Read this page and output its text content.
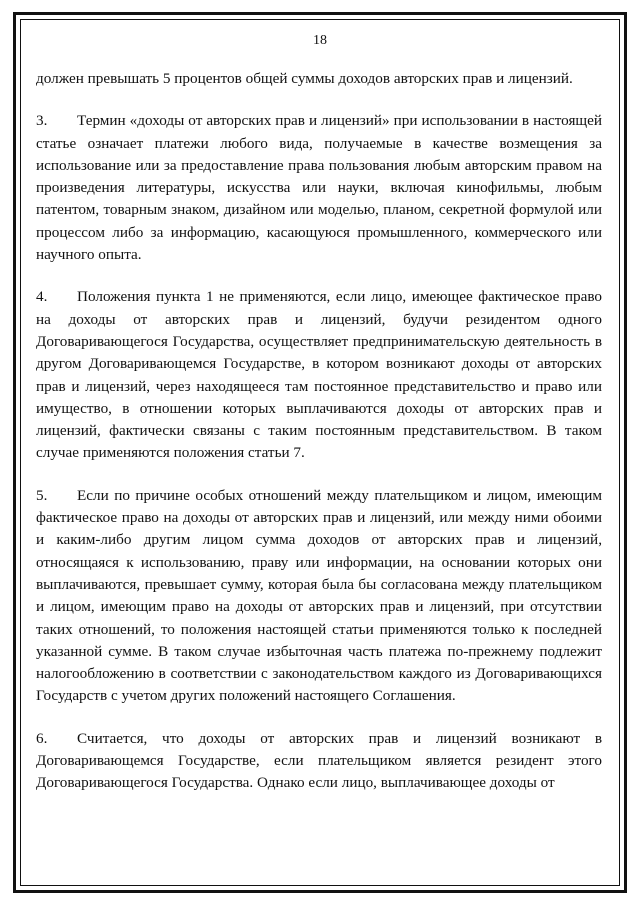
18

должен превышать 5 процентов общей суммы доходов авторских прав и лицензий.

3. Термин «доходы от авторских прав и лицензий» при использовании в настоящей статье означает платежи любого вида, получаемые в качестве возмещения за использование или за предоставление права пользования любым авторским правом на произведения литературы, искусства или науки, включая кинофильмы, любым патентом, товарным знаком, дизайном или моделью, планом, секретной формулой или процессом либо за информацию, касающуюся промышленного, коммерческого или научного опыта.

4. Положения пункта 1 не применяются, если лицо, имеющее фактическое право на доходы от авторских прав и лицензий, будучи резидентом одного Договаривающегося Государства, осуществляет предпринимательскую деятельность в другом Договаривающемся Государстве, в котором возникают доходы от авторских прав и лицензий, через находящееся там постоянное представительство и право или имущество, в отношении которых выплачиваются доходы от авторских прав и лицензий, фактически связаны с таким постоянным представительством. В таком случае применяются положения статьи 7.

5. Если по причине особых отношений между плательщиком и лицом, имеющим фактическое право на доходы от авторских прав и лицензий, или между ними обоими и каким-либо другим лицом сумма доходов от авторских прав и лицензий, относящаяся к использованию, праву или информации, на основании которых они выплачиваются, превышает сумму, которая была бы согласована между плательщиком и лицом, имеющим право на доходы от авторских прав и лицензий, при отсутствии таких отношений, то положения настоящей статьи применяются только к последней указанной сумме. В таком случае избыточная часть платежа по-прежнему подлежит налогообложению в соответствии с законодательством каждого из Договаривающихся Государств с учетом других положений настоящего Соглашения.

6. Считается, что доходы от авторских прав и лицензий возникают в Договаривающемся Государстве, если плательщиком является резидент этого Договаривающегося Государства. Однако если лицо, выплачивающее доходы от
